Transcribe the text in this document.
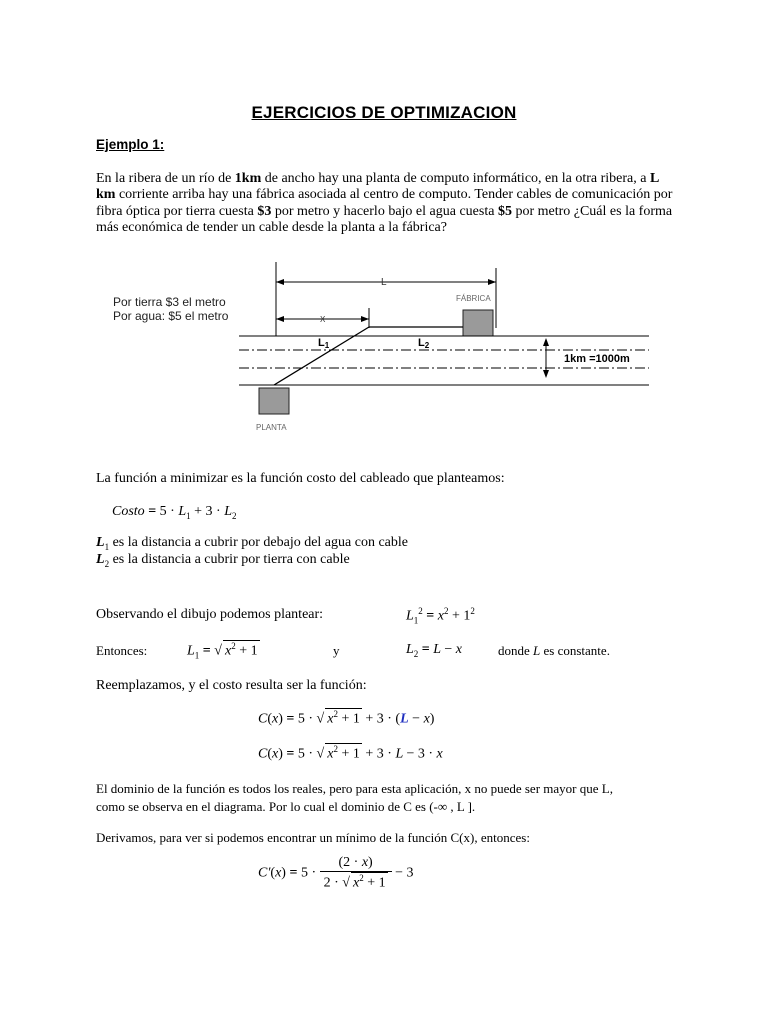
EJERCICIOS DE OPTIMIZACION
Ejemplo 1:
En la ribera de un río de 1km de ancho hay una planta de computo informático, en la otra ribera, a L km corriente arriba hay una fábrica asociada al centro de computo. Tender cables de comunicación por fibra óptica por tierra cuesta $3 por metro y hacerlo bajo el agua cuesta $5 por metro ¿Cuál es la forma más económica de tender un cable desde la planta a la fábrica?
Por tierra $3 el metro
Por agua: $5 el metro
L
X
FÁBRICA
L1	L2
1km =1000m
PLANTA
La función a minimizar es la función costo del cableado que planteamos:
Costo = $5 \cdot L_1 + 3 \cdot L_2$
$L_1$ es la distancia a cubrir por debajo del agua con cable
$L_2$ es la distancia a cubrir por tierra con cable
Observando el dibujo podemos plantear:	$L_1^2 = x^2 + 1^2$
Entonces:	$L_1$ = √ $x^2 + 1$	y	$L_2 = L - x$	donde L es constante.
Reemplazamos, y el costo resulta ser la función:
C(x) = 5 · √ $x^2 + 1 + 3 \cdot (L - x)$
C(x) = 5 · √ $x^2 + 1 + 3 \cdot L - 3 \cdot x$
El dominio de la función es todos los reales, pero para esta aplicación, x no puede ser mayor que L,
como se observa en el diagrama. Por lo cual el dominio de C es (-∞ , L ].
Derivamos, para ver si podemos encontrar un mínimo de la función C(x), entonces:
$C'(x) = 5 \cdot \frac{(2 \cdot x)}{2 \cdot √ x^2 + 1} - 3$
